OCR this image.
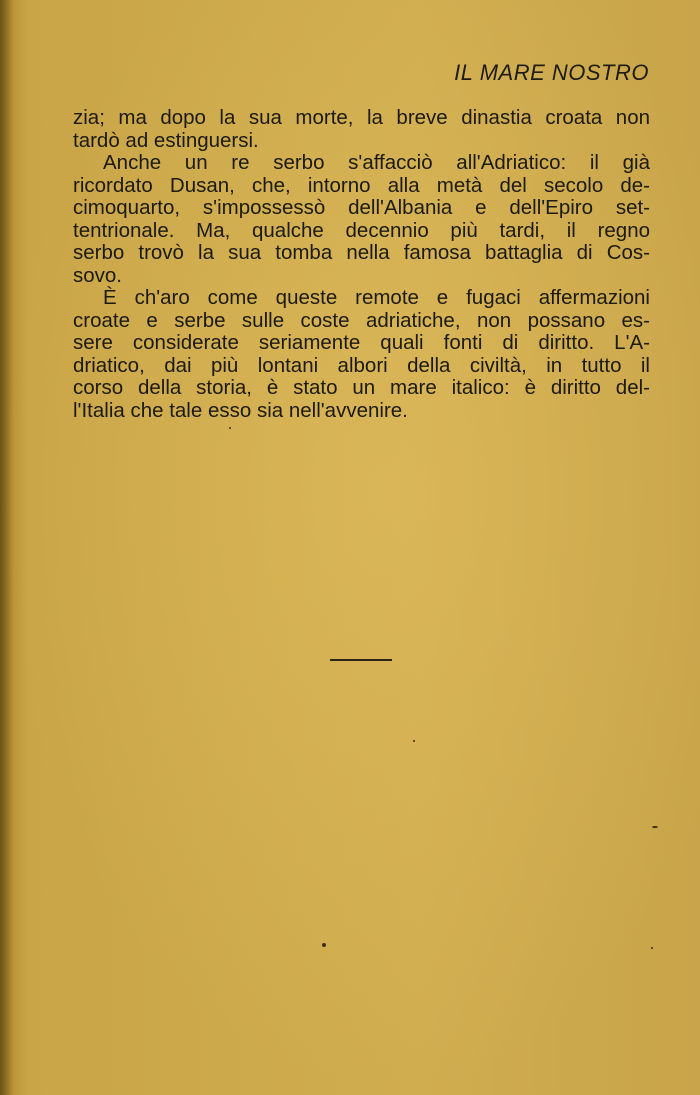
IL MARE NOSTRO
zia; ma dopo la sua morte, la breve dinastia croata non
tardò ad estinguersi.
Anche un re serbo s'affacciò all'Adriatico: il già
ricordato Dusan, che, intorno alla metà del secolo de-
cimoquarto, s'impossessò dell'Albania e dell'Epiro set-
tentrionale. Ma, qualche decennio più tardi, il regno
serbo trovò la sua tomba nella famosa battaglia di Cos-
sovo.
È ch'aro come queste remote e fugaci affermazioni
croate e serbe sulle coste adriatiche, non possano es-
sere considerate seriamente quali fonti di diritto. L'A-
driatico, dai più lontani albori della civiltà, in tutto il
corso della storia, è stato un mare italico: è diritto del-
l'Italia che tale esso sia nell'avvenire.
